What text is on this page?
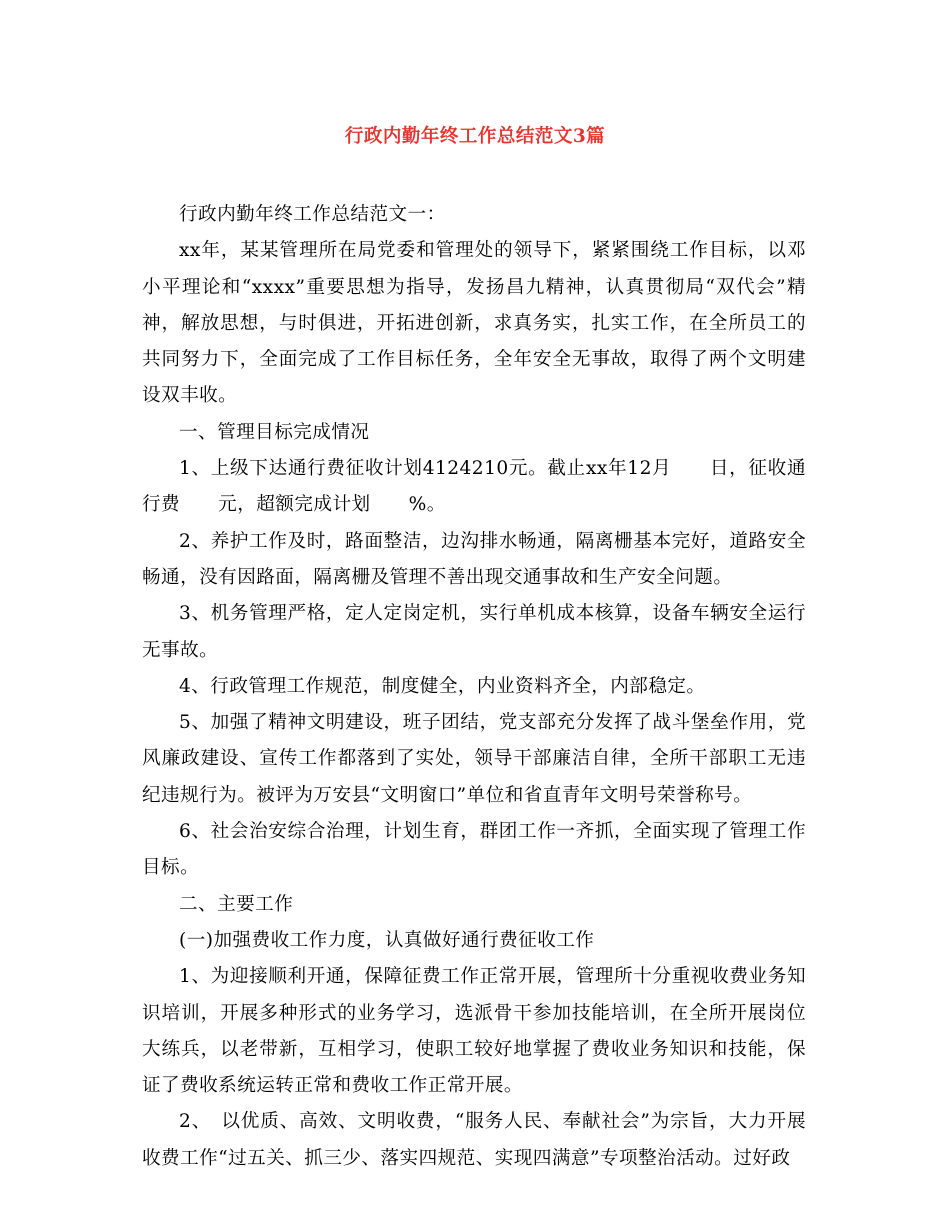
行政内勤年终工作总结范文3篇

行政内勤年终工作总结范文一：

xx年，某某管理所在局党委和管理处的领导下，紧紧围绕工作目标，以邓小平理论和“xxxx”重要思想为指导，发扬昌九精神，认真贯彻局“双代会”精神，解放思想，与时俱进，开拓进创新，求真务实，扎实工作，在全所员工的共同努力下，全面完成了工作目标任务，全年安全无事故，取得了两个文明建设双丰收。

一、管理目标完成情况

1、上级下达通行费征收计划4124210元。截止xx年12月　　日，征收通行费　　元，超额完成计划　　%。

2、养护工作及时，路面整洁，边沟排水畅通，隔离栅基本完好，道路安全畅通，没有因路面，隔离栅及管理不善出现交通事故和生产安全问题。

3、机务管理严格，定人定岗定机，实行单机成本核算，设备车辆安全运行无事故。

4、行政管理工作规范，制度健全，内业资料齐全，内部稳定。

5、加强了精神文明建设，班子团结，党支部充分发挥了战斗堡垒作用，党风廉政建设、宣传工作都落到了实处，领导干部廉洁自律，全所干部职工无违纪违规行为。被评为万安县“文明窗口”单位和省直青年文明号荣誉称号。

6、社会治安综合治理，计划生育，群团工作一齐抓，全面实现了管理工作目标。

二、主要工作

(一)加强费收工作力度，认真做好通行费征收工作

1、为迎接顺利开通，保障征费工作正常开展，管理所十分重视收费业务知识培训，开展多种形式的业务学习，选派骨干参加技能培训，在全所开展岗位大练兵，以老带新，互相学习，使职工较好地掌握了费收业务知识和技能，保证了费收系统运转正常和费收工作正常开展。

2、　以优质、高效、文明收费，“服务人民、奉献社会”为宗旨，大力开展收费工作“过五关、抓三少、落实四规范、实现四满意”专项整治活动。过好政
